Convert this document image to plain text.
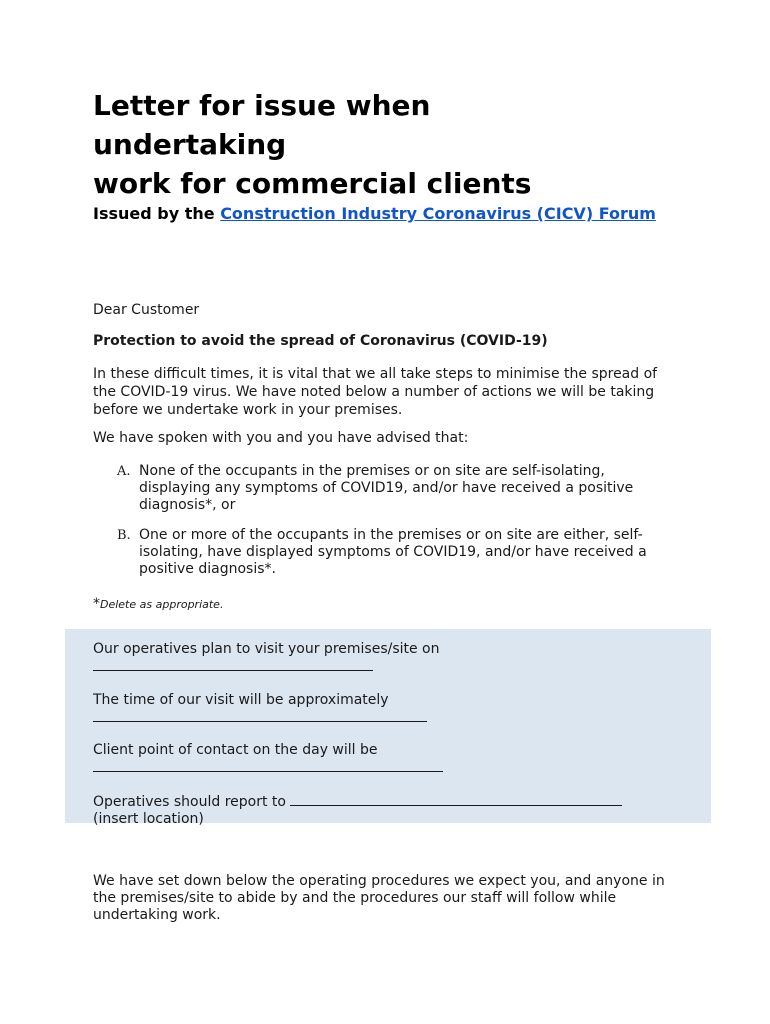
Letter for issue when
undertaking
work for commercial clients
Issued by the Construction Industry Coronavirus (CICV) Forum

Dear Customer

Protection to avoid the spread of Coronavirus (COVID-19)

In these difficult times, it is vital that we all take steps to minimise the spread of the COVID-19 virus. We have noted below a number of actions we will be taking before we undertake work in your premises.

We have spoken with you and you have advised that:

A. None of the occupants in the premises or on site are self-isolating, displaying any symptoms of COVID19, and/or have received a positive diagnosis*, or
B. One or more of the occupants in the premises or on site are either, self-isolating, have displayed symptoms of COVID19, and/or have received a positive diagnosis*.
*Delete as appropriate.
Our operatives plan to visit your premises/site on

The time of our visit will be approximately

Client point of contact on the day will be

Operatives should report to
(insert location)

We have set down below the operating procedures we expect you, and anyone in the premises/site to abide by and the procedures our staff will follow while undertaking work.
